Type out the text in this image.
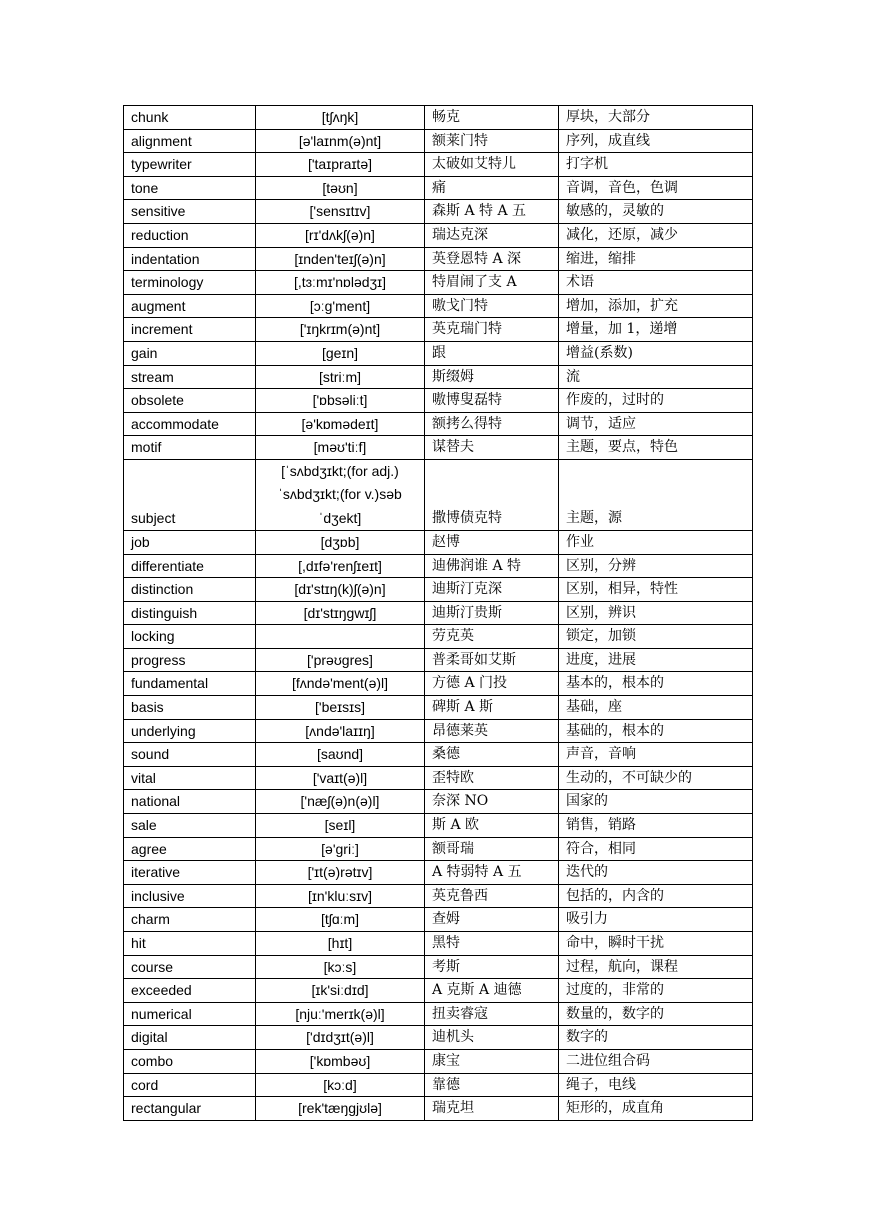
chunk	[tʃʌŋk]	畅克	厚块，大部分
alignment	[ə'laɪnm(ə)nt]	额莱门特	序列，成直线
typewriter	['taɪpraɪtə]	太破如艾特儿	打字机
tone	[təʊn]	痛	音调，音色，色调
sensitive	['sensɪtɪv]	森斯 A 特 A 五	敏感的，灵敏的
reduction	[rɪ'dʌkʃ(ə)n]	瑞达克深	减化，还原，减少
indentation	[ɪnden'teɪʃ(ə)n]	英登恩特 A 深	缩进，缩排
terminology	[,tɜːmɪ'nɒlədʒɪ]	特眉闹了支 A	术语
augment	[ɔːg'ment]	嗷戈门特	增加，添加，扩充
increment	['ɪŋkrɪm(ə)nt]	英克瑞门特	增量，加 1，递增
gain	[geɪn]	跟	增益(系数)
stream	[striːm]	斯缀姆	流
obsolete	['ɒbsəliːt]	嗷博叟磊特	作废的，过时的
accommodate	[ə'kɒmədeɪt]	额拷么得特	调节，适应
motif	[məʊ'tiːf]	谋替夫	主题，要点，特色
subject	[ˈsʌbdʒɪkt;(for adj.)ˈsʌbdʒɪkt;(for v.)səbˈdʒekt]	撒博债克特	主题，源
job	[dʒɒb]	赵博	作业
differentiate	[,dɪfə'renʃɪeɪt]	迪佛润谁 A 特	区别，分辨
distinction	[dɪ'stɪŋ(k)ʃ(ə)n]	迪斯汀克深	区别，相异，特性
distinguish	[dɪ'stɪŋgwɪʃ]	迪斯汀贵斯	区别，辨识
locking		劳克英	锁定，加锁
progress	['prəʊgres]	普柔哥如艾斯	进度，进展
fundamental	[fʌndə'ment(ə)l]	方德 A 门投	基本的，根本的
basis	['beɪsɪs]	碑斯 A 斯	基础，座
underlying	[ʌndə'laɪɪŋ]	昂德莱英	基础的，根本的
sound	[saʊnd]	桑德	声音，音响
vital	['vaɪt(ə)l]	歪特欧	生动的，不可缺少的
national	['næʃ(ə)n(ə)l]	奈深 NO	国家的
sale	[seɪl]	斯 A 欧	销售，销路
agree	[ə'griː]	额哥瑞	符合，相同
iterative	['ɪt(ə)rətɪv]	A 特弱特 A 五	迭代的
inclusive	[ɪn'kluːsɪv]	英克鲁西	包括的，内含的
charm	[tʃɑːm]	查姆	吸引力
hit	[hɪt]	黑特	命中，瞬时干扰
course	[kɔːs]	考斯	过程，航向，课程
exceeded	[ɪk'siːdɪd]	A 克斯 A 迪德	过度的，非常的
numerical	[njuː'merɪk(ə)l]	扭卖睿寇	数量的，数字的
digital	['dɪdʒɪt(ə)l]	迪机头	数字的
combo	['kɒmbəʊ]	康宝	二进位组合码
cord	[kɔːd]	靠德	绳子，电线
rectangular	[rek'tæŋgjʊlə]	瑞克坦	矩形的，成直角
